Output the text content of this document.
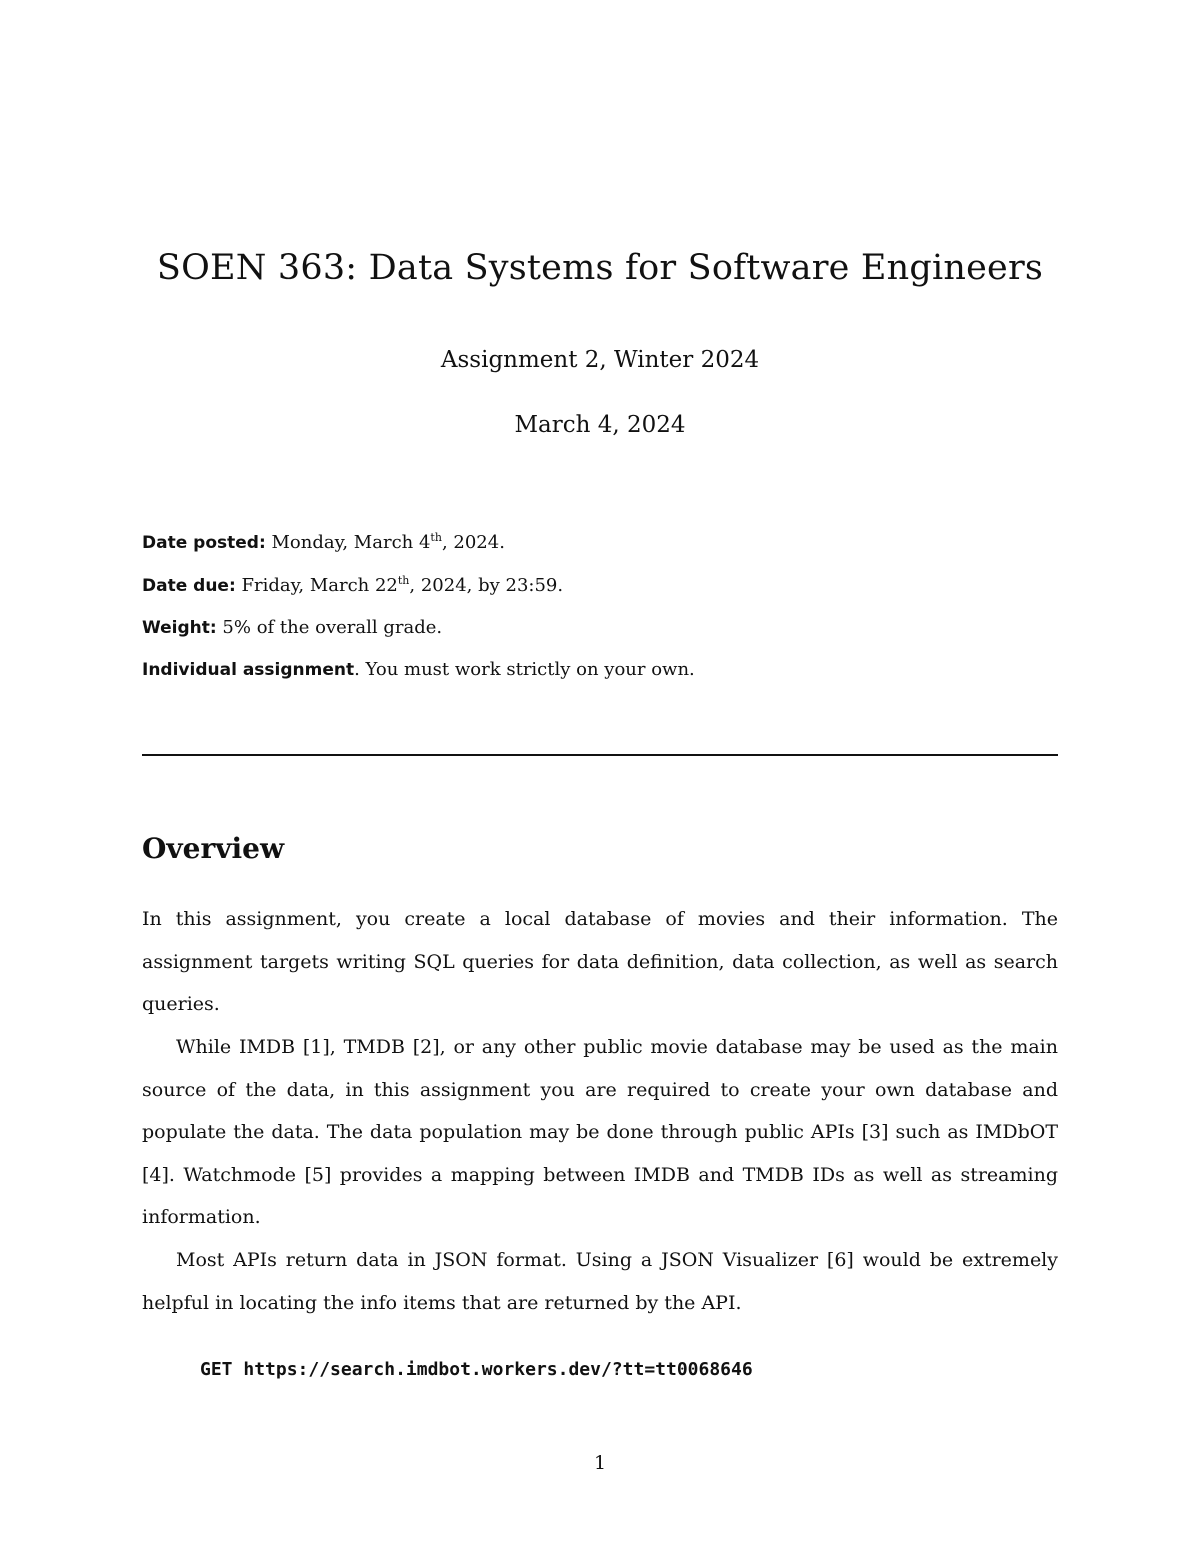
SOEN 363: Data Systems for Software Engineers

Assignment 2, Winter 2024

March 4, 2024

Date posted: Monday, March 4th, 2024.

Date due: Friday, March 22th, 2024, by 23:59.

Weight: 5% of the overall grade.

Individual assignment. You must work strictly on your own.

Overview

In this assignment, you create a local database of movies and their information. The assignment targets writing SQL queries for data definition, data collection, as well as search queries.

While IMDB [1], TMDB [2], or any other public movie database may be used as the main source of the data, in this assignment you are required to create your own database and populate the data. The data population may be done through public APIs [3] such as IMDbOT [4]. Watchmode [5] provides a mapping between IMDB and TMDB IDs as well as streaming information.

Most APIs return data in JSON format. Using a JSON Visualizer [6] would be extremely helpful in locating the info items that are returned by the API.

GET https://search.imdbot.workers.dev/?tt=tt0068646

1
